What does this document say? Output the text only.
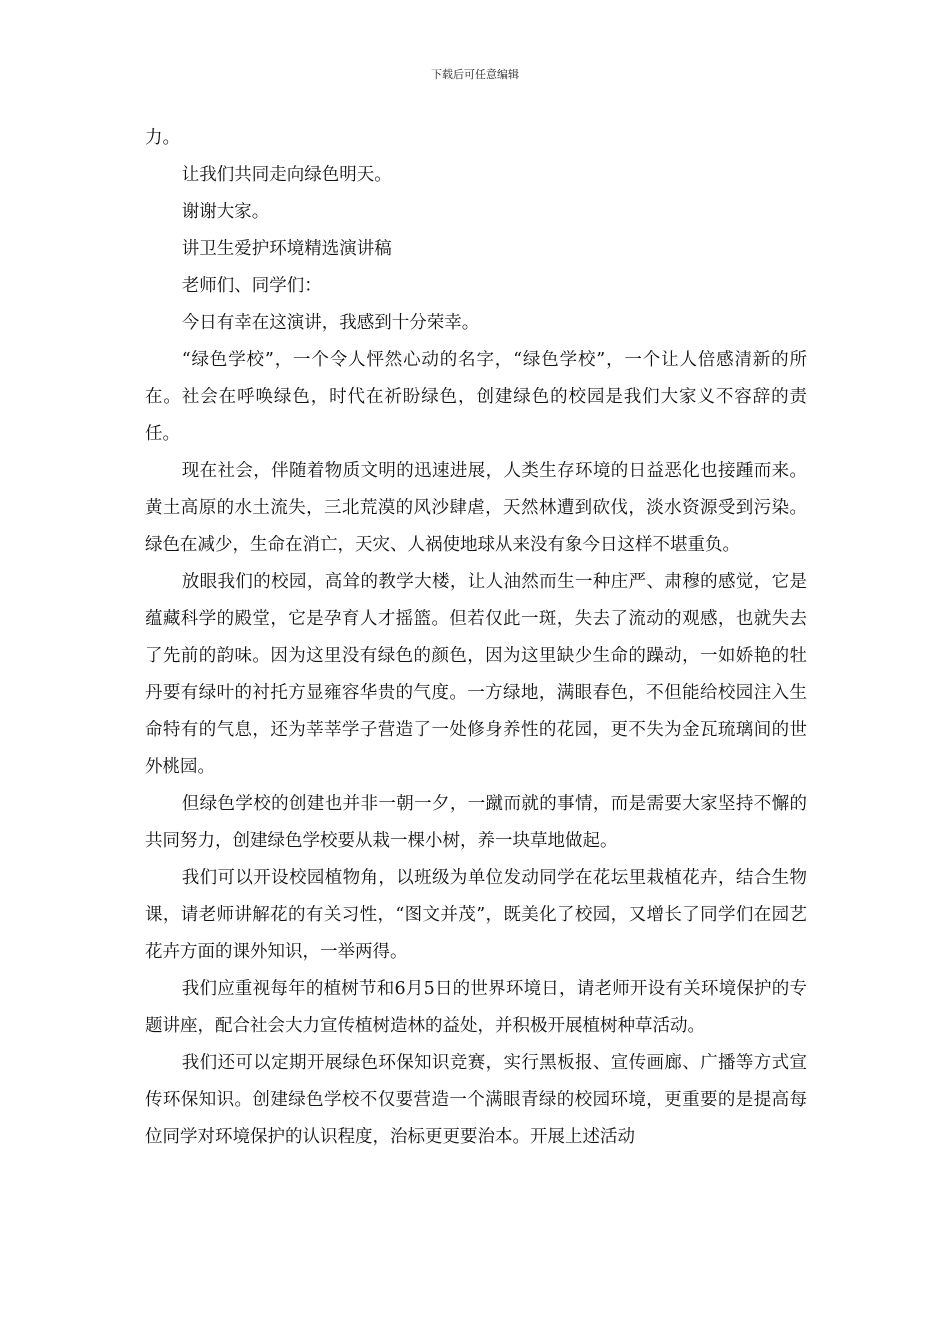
下载后可任意编辑

力。

让我们共同走向绿色明天。

谢谢大家。

讲卫生爱护环境精选演讲稿

老师们、同学们：

今日有幸在这演讲，我感到十分荣幸。

“绿色学校”，一个令人怦然心动的名字，“绿色学校”，一个让人倍感清新的所在。社会在呼唤绿色，时代在祈盼绿色，创建绿色的校园是我们大家义不容辞的责任。

现在社会，伴随着物质文明的迅速进展，人类生存环境的日益恶化也接踵而来。黄土高原的水土流失，三北荒漠的风沙肆虐，天然林遭到砍伐，淡水资源受到污染。绿色在减少，生命在消亡，天灾、人祸使地球从来没有象今日这样不堪重负。

放眼我们的校园，高耸的教学大楼，让人油然而生一种庄严、肃穆的感觉，它是蕴藏科学的殿堂，它是孕育人才摇篮。但若仅此一斑，失去了流动的观感，也就失去了先前的韵味。因为这里没有绿色的颜色，因为这里缺少生命的躁动，一如娇艳的牡丹要有绿叶的衬托方显雍容华贵的气度。一方绿地，满眼春色，不但能给校园注入生命特有的气息，还为莘莘学子营造了一处修身养性的花园，更不失为金瓦琉璃间的世外桃园。

但绿色学校的创建也并非一朝一夕，一蹴而就的事情，而是需要大家坚持不懈的共同努力，创建绿色学校要从栽一棵小树，养一块草地做起。

我们可以开设校园植物角，以班级为单位发动同学在花坛里栽植花卉，结合生物课，请老师讲解花的有关习性，“图文并茂”，既美化了校园，又增长了同学们在园艺花卉方面的课外知识，一举两得。

我们应重视每年的植树节和6月5日的世界环境日，请老师开设有关环境保护的专题讲座，配合社会大力宣传植树造林的益处，并积极开展植树种草活动。

我们还可以定期开展绿色环保知识竞赛，实行黑板报、宣传画廊、广播等方式宣传环保知识。创建绿色学校不仅要营造一个满眼青绿的校园环境，更重要的是提高每位同学对环境保护的认识程度，治标更更要治本。开展上述活动
